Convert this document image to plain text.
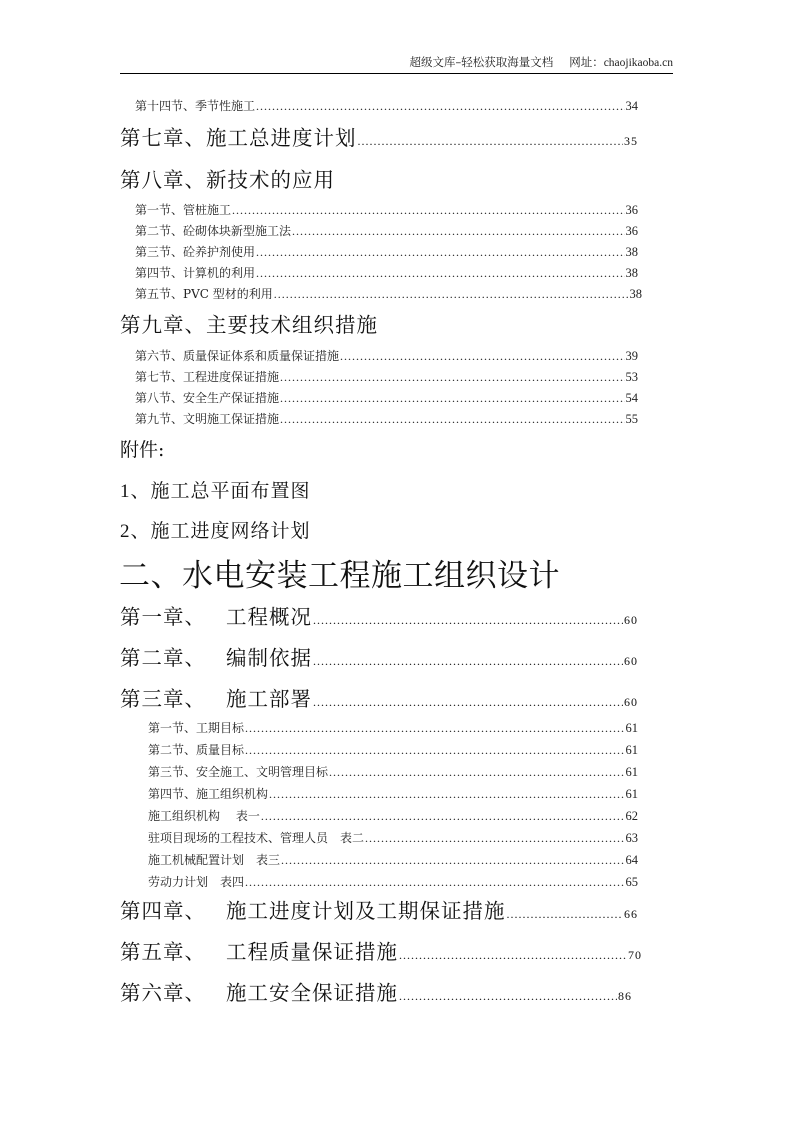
超级文库–轻松获取海量文档 网址：chaojikaoba.cn
第十四节、季节性施工 .....	34
第七章、施工总进度计划 .....	35
第八章、新技术的应用
第一节、管桩施工 .....	36
第二节、砼砌体块新型施工法 .....	36
第三节、砼养护剂使用 .....	38
第四节、计算机的利用 .....	38
第五节、PVC 型材的利用 .....	38
第九章、主要技术组织措施
第六节、质量保证体系和质量保证措施 .....	39
第七节、工程进度保证措施 .....	53
第八节、安全生产保证措施 .....	54
第九节、文明施工保证措施 .....	55
附件:
1、施工总平面布置图
2、施工进度网络计划
二、水电安装工程施工组织设计
第一章、 工程概况 .....	60
第二章、 编制依据 .....	60
第三章、 施工部署 .....	60
第一节、工期目标 .....	61
第二节、质量目标 .....	61
第三节、安全施工、文明管理目标 .....	61
第四节、施工组织机构 .....	61
施工组织机构　 表一 .....	62
驻项目现场的工程技术、管理人员　表二 .....	63
施工机械配置计划　表三 .....	64
劳动力计划　表四 .....	65
第四章、 施工进度计划及工期保证措施 .....	66
第五章、 工程质量保证措施 .....	70
第六章、 施工安全保证措施 .....	86
